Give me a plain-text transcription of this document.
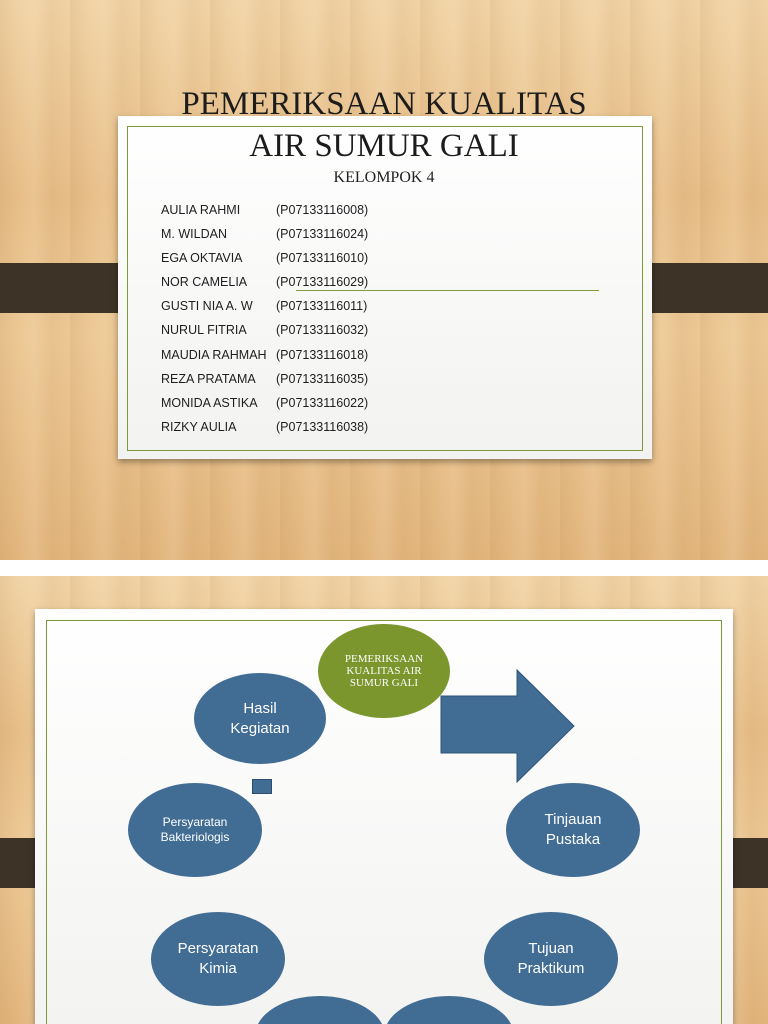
PEMERIKSAAN KUALITAS
AIR SUMUR GALI
KELOMPOK 4
AULIA RAHMI	(P07133116008)
M. WILDAN	(P07133116024)
EGA OKTAVIA	(P07133116010)
NOR CAMELIA (P07133116029)
GUSTI NIA A. W (P07133116011)
NURUL FITRIA (P07133116032)
MAUDIA RAHMAH (P07133116018)
REZA PRATAMA (P07133116035)
MONIDA ASTIKA (P07133116022)
RIZKY AULIA	(P07133116038)
PEMERIKSAAN KUALITAS AIR SUMUR GALI
Hasil Kegiatan
Persyaratan Bakteriologis
Tinjauan Pustaka
Persyaratan Kimia
Tujuan Praktikum
